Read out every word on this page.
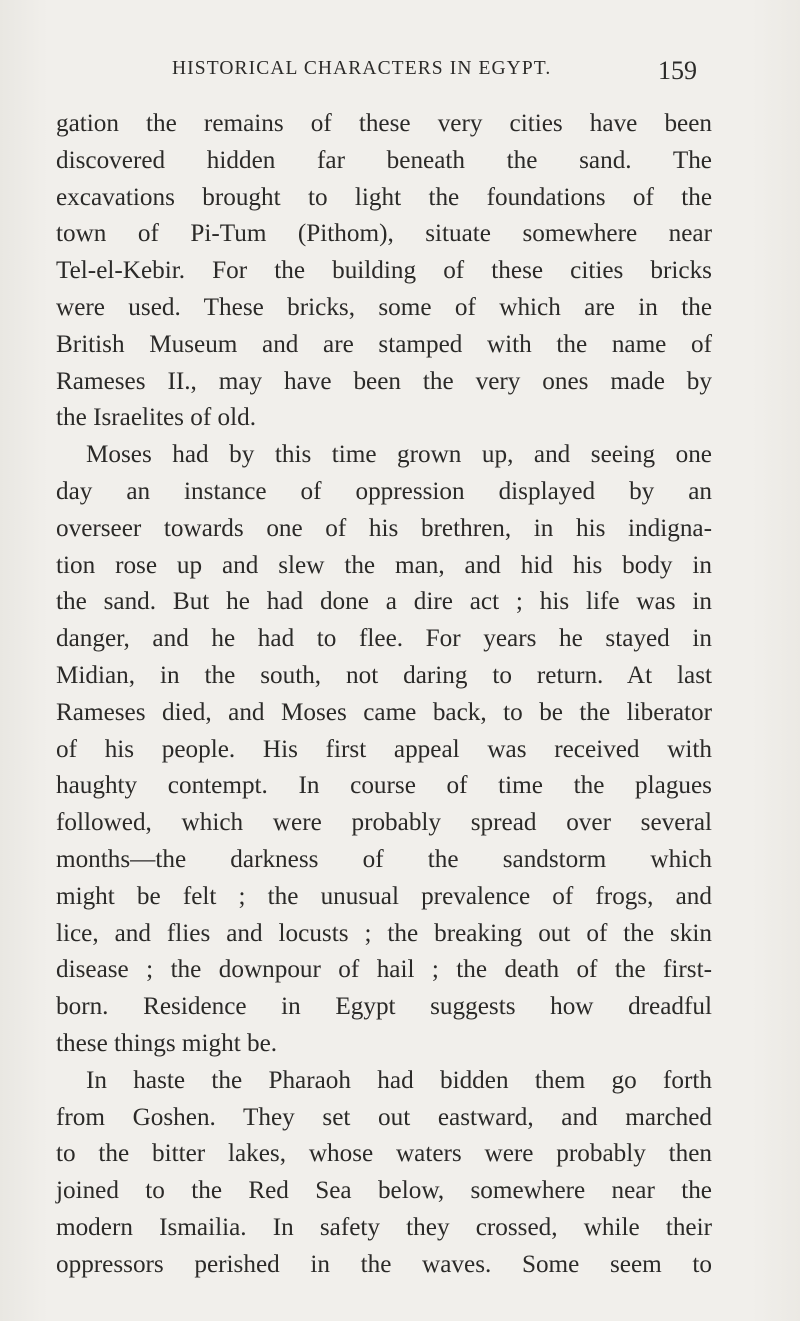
HISTORICAL CHARACTERS IN EGYPT.	159
gation the remains of these very cities have been
discovered hidden far beneath the sand. The
excavations brought to light the foundations of the
town of Pi-Tum (Pithom), situate somewhere near
Tel-el-Kebir. For the building of these cities bricks
were used. These bricks, some of which are in the
British Museum and are stamped with the name of
Rameses II., may have been the very ones made by
the Israelites of old.
Moses had by this time grown up, and seeing one
day an instance of oppression displayed by an
overseer towards one of his brethren, in his indigna-
tion rose up and slew the man, and hid his body in
the sand. But he had done a dire act ; his life was in
danger, and he had to flee. For years he stayed in
Midian, in the south, not daring to return. At last
Rameses died, and Moses came back, to be the liberator
of his people. His first appeal was received with
haughty contempt. In course of time the plagues
followed, which were probably spread over several
months—the darkness of the sandstorm which
might be felt ; the unusual prevalence of frogs, and
lice, and flies and locusts ; the breaking out of the skin
disease ; the downpour of hail ; the death of the first-
born. Residence in Egypt suggests how dreadful
these things might be.
In haste the Pharaoh had bidden them go forth
from Goshen. They set out eastward, and marched
to the bitter lakes, whose waters were probably then
joined to the Red Sea below, somewhere near the
modern Ismailia. In safety they crossed, while their
oppressors perished in the waves. Some seem to
